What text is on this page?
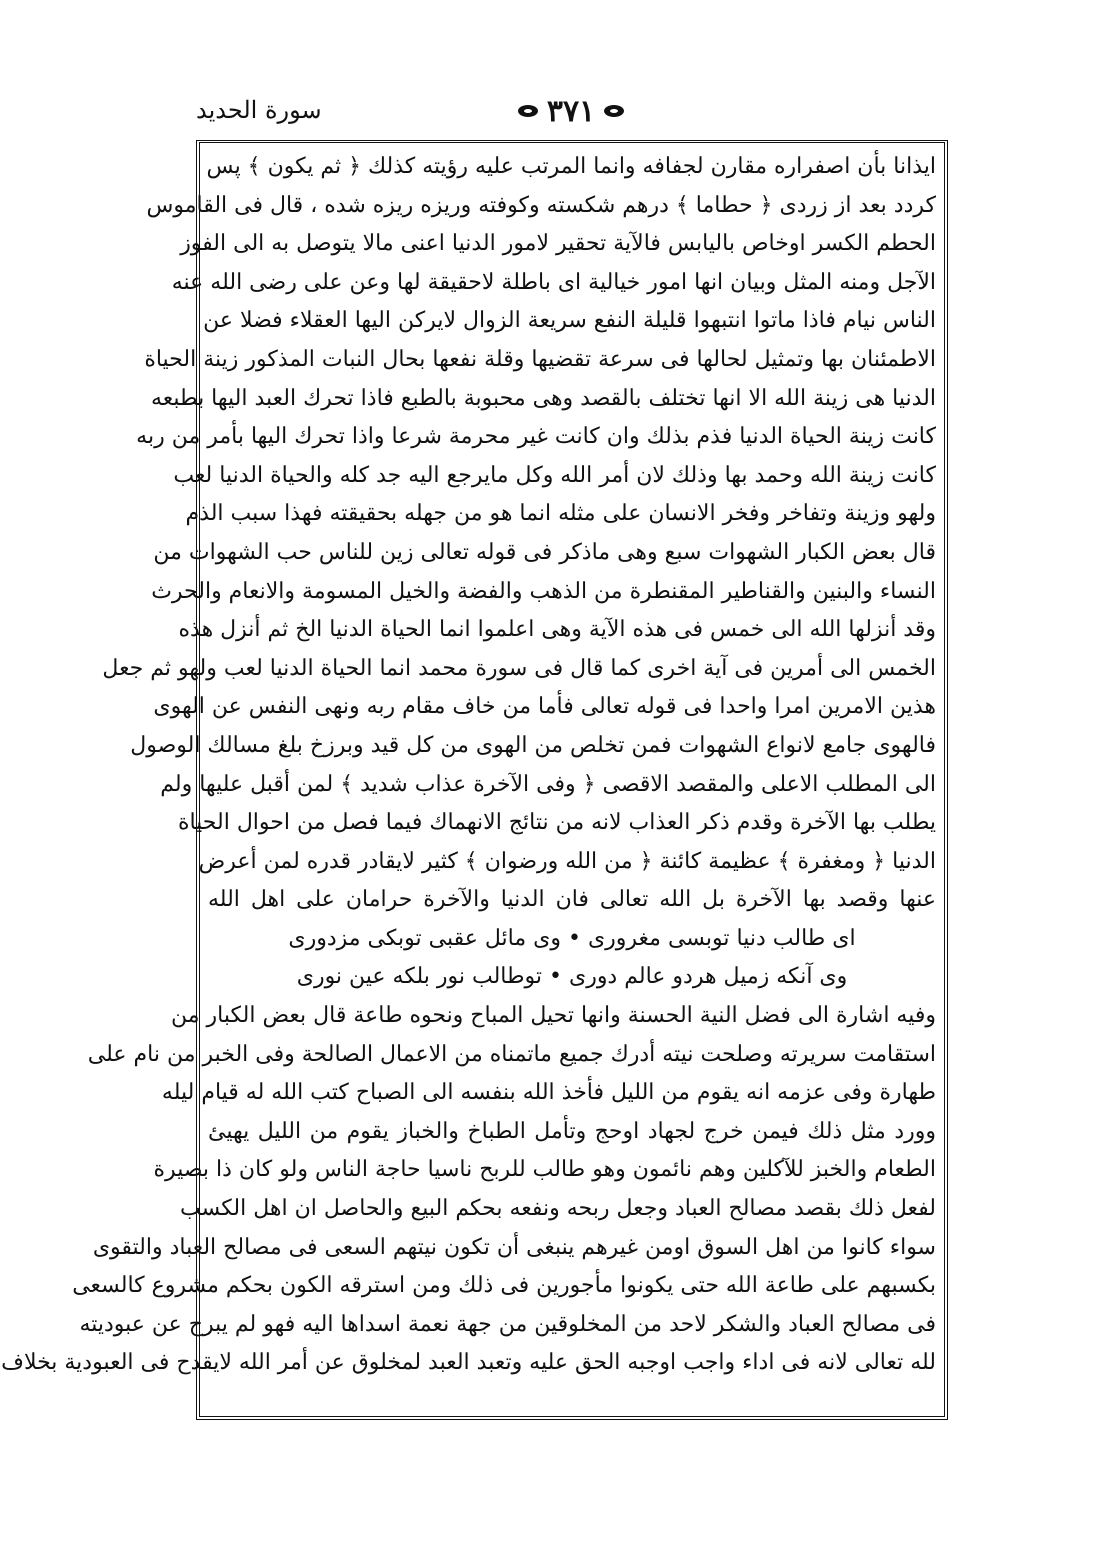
سورة الحديد	٣٧١
ايذانا بأن اصفراره مقارن لجفافه وانما المرتب عليه رؤيته كذلك ﴿ ثم يكون ﴾ پس
كردد بعد از زردى ﴿ حطاما ﴾ درهم شكسته وكوفته وريزه ريزه شده ، قال فى القاموس
الحطم الكسر اوخاص باليابس فالآية تحقير لامور الدنيا اعنى مالا يتوصل به الى الفوز
الآجل ومنه المثل وبيان انها امور خيالية اى باطلة لاحقيقة لها وعن على رضى الله عنه
الناس نيام فاذا ماتوا انتبهوا قليلة النفع سريعة الزوال لايركن اليها العقلاء فضلا عن
الاطمئنان بها وتمثيل لحالها فى سرعة تقضيها وقلة نفعها بحال النبات المذكور زينة الحياة
الدنيا هى زينة الله الا انها تختلف بالقصد وهى محبوبة بالطبع فاذا تحرك العبد اليها بطبعه
كانت زينة الحياة الدنيا فذم بذلك وان كانت غير محرمة شرعا واذا تحرك اليها بأمر من ربه
كانت زينة الله وحمد بها وذلك لان أمر الله وكل مايرجع اليه جد كله والحياة الدنيا لعب
ولهو وزينة وتفاخر وفخر الانسان على مثله انما هو من جهله بحقيقته فهذا سبب الذم
قال بعض الكبار الشهوات سبع وهى ماذكر فى قوله تعالى زين للناس حب الشهوات من
النساء والبنين والقناطير المقنطرة من الذهب والفضة والخيل المسومة والانعام والحرث
وقد أنزلها الله الى خمس فى هذه الآية وهى اعلموا انما الحياة الدنيا الخ ثم أنزل هذه
الخمس الى أمرين فى آية اخرى كما قال فى سورة محمد انما الحياة الدنيا لعب ولهو ثم جعل
هذين الامرين امرا واحدا فى قوله تعالى فأما من خاف مقام ربه ونهى النفس عن الهوى
فالهوى جامع لانواع الشهوات فمن تخلص من الهوى من كل قيد وبرزخ بلغ مسالك الوصول
الى المطلب الاعلى والمقصد الاقصى ﴿ وفى الآخرة عذاب شديد ﴾ لمن أقبل عليها ولم
يطلب بها الآخرة وقدم ذكر العذاب لانه من نتائج الانهماك فيما فصل من احوال الحياة
الدنيا ﴿ ومغفرة ﴾ عظيمة كائنة ﴿ من الله ورضوان ﴾ كثير لايقادر قدره لمن أعرض
عنها وقصد بها الآخرة بل الله تعالى فان الدنيا والآخرة حرامان على اهل الله
اى طالب دنيا توبسى مغرورى • وى مائل عقبى توبكى مزدورى
وى آنكه زميل هردو عالم دورى • توطالب نور بلكه عين نورى
وفيه اشارة الى فضل النية الحسنة وانها تحيل المباح ونحوه طاعة قال بعض الكبار من
استقامت سريرته وصلحت نيته أدرك جميع ماتمناه من الاعمال الصالحة وفى الخبر من نام على
طهارة وفى عزمه انه يقوم من الليل فأخذ الله بنفسه الى الصباح كتب الله له قيام ليله
وورد مثل ذلك فيمن خرج لجهاد اوحج وتأمل الطباخ والخباز يقوم من الليل يهيئ
الطعام والخبز للآكلين وهم نائمون وهو طالب للربح ناسيا حاجة الناس ولو كان ذا بصيرة
لفعل ذلك بقصد مصالح العباد وجعل ربحه ونفعه بحكم البيع والحاصل ان اهل الكسب
سواء كانوا من اهل السوق اومن غيرهم ينبغى أن تكون نيتهم السعى فى مصالح العباد والتقوى
بكسبهم على طاعة الله حتى يكونوا مأجورين فى ذلك ومن استرقه الكون بحكم مشروع كالسعى
فى مصالح العباد والشكر لاحد من المخلوقين من جهة نعمة اسداها اليه فهو لم يبرح عن عبوديته
لله تعالى لانه فى اداء واجب اوجبه الحق عليه وتعبد العبد لمخلوق عن أمر الله لايقدح فى العبودية بخلاف
